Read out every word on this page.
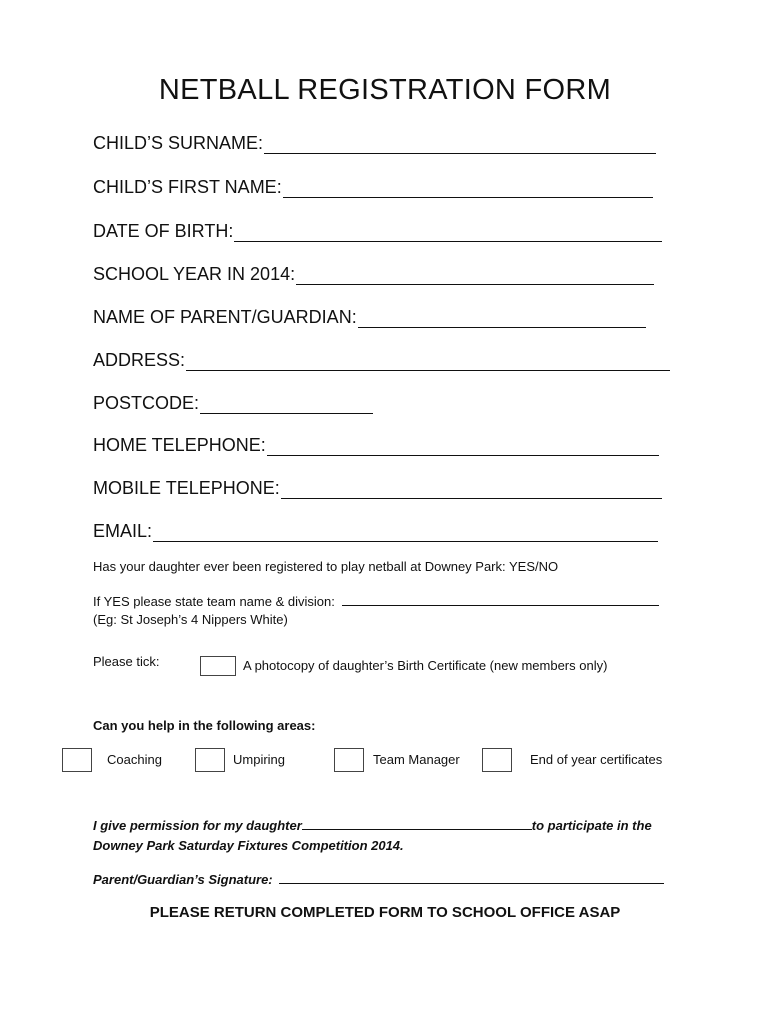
NETBALL REGISTRATION FORM
CHILD’S SURNAME:
CHILD’S FIRST NAME:
DATE OF BIRTH:
SCHOOL YEAR IN 2014:
NAME OF PARENT/GUARDIAN:
ADDRESS:
POSTCODE:
HOME TELEPHONE:
MOBILE TELEPHONE:
EMAIL:
Has your daughter ever been registered to play netball at Downey Park: YES/NO
If YES please state team name & division:
(Eg: St Joseph’s 4 Nippers White)
Please tick:	A photocopy of daughter’s Birth Certificate (new members only)
Can you help in the following areas:
Coaching	Umpiring	Team Manager	End of year certificates
I give permission for my daughter	to participate in the
Downey Park Saturday Fixtures Competition 2014.
Parent/Guardian’s Signature:
PLEASE RETURN COMPLETED FORM TO SCHOOL OFFICE ASAP
